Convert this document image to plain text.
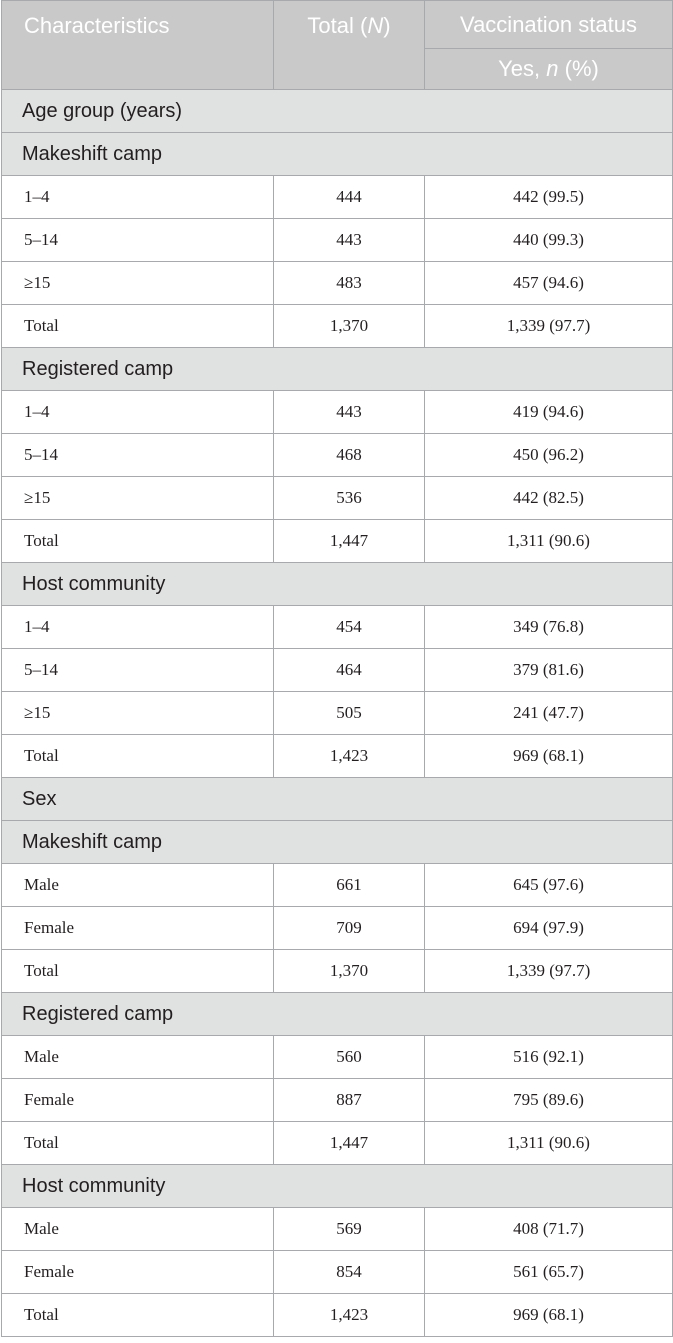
Characteristics	Total (N)	Vaccination status
		Yes, n (%)
Age group (years)		
Makeshift camp		
1–4	444	442 (99.5)
5–14	443	440 (99.3)
≥15	483	457 (94.6)
Total	1,370	1,339 (97.7)
Registered camp		
1–4	443	419 (94.6)
5–14	468	450 (96.2)
≥15	536	442 (82.5)
Total	1,447	1,311 (90.6)
Host community		
1–4	454	349 (76.8)
5–14	464	379 (81.6)
≥15	505	241 (47.7)
Total	1,423	969 (68.1)
Sex		
Makeshift camp		
Male	661	645 (97.6)
Female	709	694 (97.9)
Total	1,370	1,339 (97.7)
Registered camp		
Male	560	516 (92.1)
Female	887	795 (89.6)
Total	1,447	1,311 (90.6)
Host community		
Male	569	408 (71.7)
Female	854	561 (65.7)
Total	1,423	969 (68.1)
